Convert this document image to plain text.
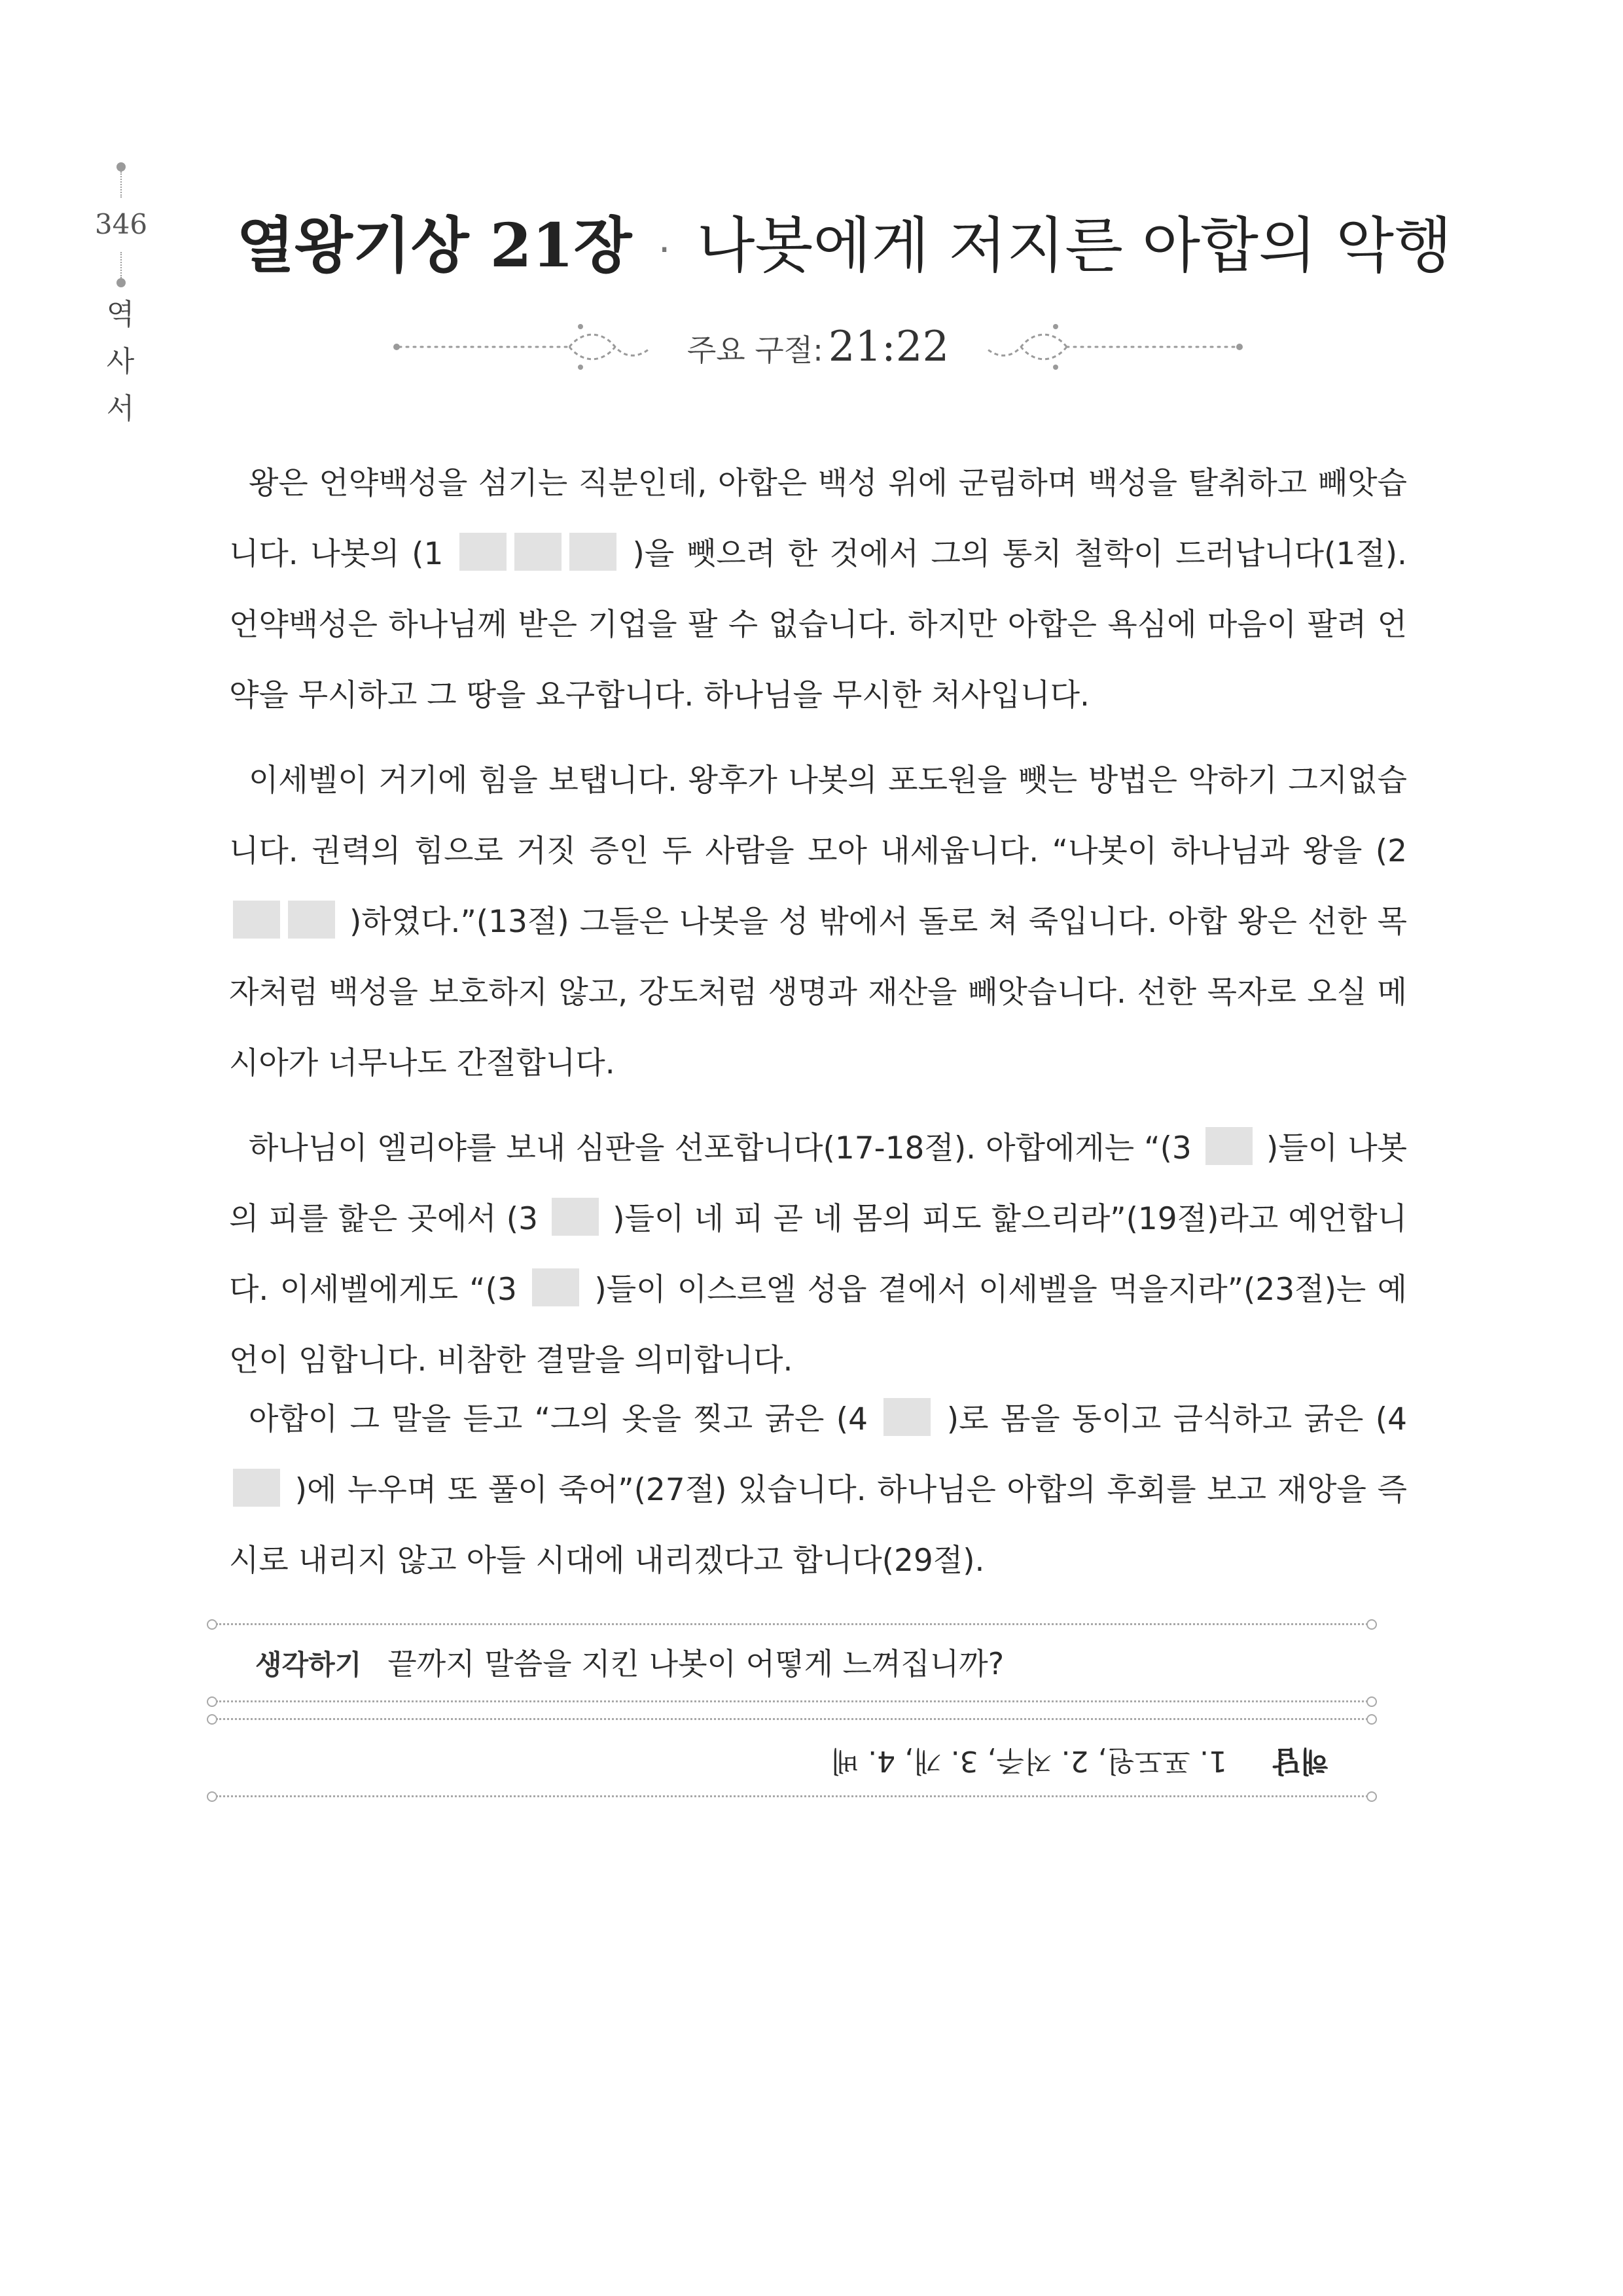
346
역
사
서
열왕기상 21장 · 나봇에게 저지른 아합의 악행
주요 구절: 21:22

왕은 언약백성을 섬기는 직분인데, 아합은 백성 위에 군림하며 백성을 탈취하고 빼앗습니다. 나봇의 (1	)을 뺏으려 한 것에서 그의 통치 철학이 드러납니다(1절). 언약백성은 하나님께 받은 기업을 팔 수 없습니다. 하지만 아합은 욕심에 마음이 팔려 언약을 무시하고 그 땅을 요구합니다. 하나님을 무시한 처사입니다.

이세벨이 거기에 힘을 보탭니다. 왕후가 나봇의 포도원을 뺏는 방법은 악하기 그지없습니다. 권력의 힘으로 거짓 증인 두 사람을 모아 내세웁니다. “나봇이 하나님과 왕을 (2  )하였다.”(13절) 그들은 나봇을 성 밖에서 돌로 쳐 죽입니다. 아합 왕은 선한 목자처럼 백성을 보호하지 않고, 강도처럼 생명과 재산을 빼앗습니다. 선한 목자로 오실 메시아가 너무나도 간절합니다.

하나님이 엘리야를 보내 심판을 선포합니다(17-18절). 아합에게는 “(3  )들이 나봇의 피를 핥은 곳에서 (3  )들이 네 피 곧 네 몸의 피도 핥으리라”(19절)라고 예언합니다. 이세벨에게도 “(3  )들이 이스르엘 성읍 곁에서 이세벨을 먹을지라”(23절)는 예언이 임합니다. 비참한 결말을 의미합니다.

아합이 그 말을 듣고 “그의 옷을 찢고 굵은 (4  )로 몸을 동이고 금식하고 굵은 (4  )에 누우며 또 풀이 죽어”(27절) 있습니다. 하나님은 아합의 후회를 보고 재앙을 즉시로 내리지 않고 아들 시대에 내리겠다고 합니다(29절).

생각하기 끝까지 말씀을 지킨 나봇이 어떻게 느껴집니까?
해답1. 포도원, 2. 저주, 3. 개, 4. 베
